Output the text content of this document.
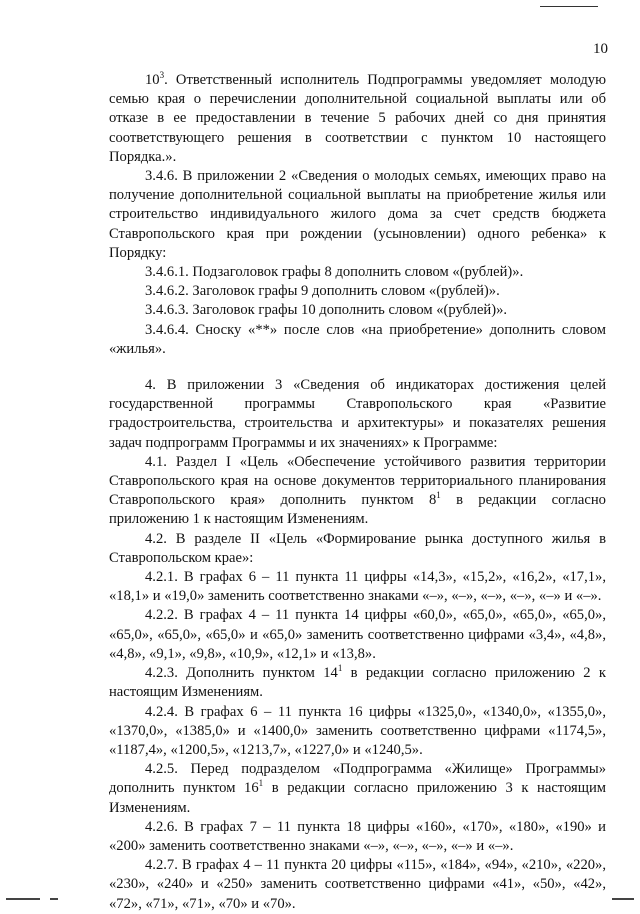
10

$10^3$. Ответственный исполнитель Подпрограммы уведомляет молодую семью края о перечислении дополнительной социальной выплаты или об отказе в ее предоставлении в течение 5 рабочих дней со дня принятия соответствующего решения в соответствии с пунктом 10 настоящего Порядка.».

3.4.6. В приложении 2 «Сведения о молодых семьях, имеющих право на получение дополнительной социальной выплаты на приобретение жилья или строительство индивидуального жилого дома за счет средств бюджета Ставропольского края при рождении (усыновлении) одного ребенка» к Порядку:

3.4.6.1. Подзаголовок графы 8 дополнить словом «(рублей)».

3.4.6.2. Заголовок графы 9 дополнить словом «(рублей)».

3.4.6.3. Заголовок графы 10 дополнить словом «(рублей)».

3.4.6.4. Сноску «**» после слов «на приобретение» дополнить словом «жилья».

4. В приложении 3 «Сведения об индикаторах достижения целей государственной программы Ставропольского края «Развитие градостроительства, строительства и архитектуры» и показателях решения задач подпрограмм Программы и их значениях» к Программе:

4.1. Раздел I «Цель «Обеспечение устойчивого развития территории Ставропольского края на основе документов территориального планирования Ставропольского края» дополнить пунктом $8^1$ в редакции согласно приложению 1 к настоящим Изменениям.

4.2. В разделе II «Цель «Формирование рынка доступного жилья в Ставропольском крае»:

4.2.1. В графах 6 – 11 пункта 11 цифры «14,3», «15,2», «16,2», «17,1», «18,1» и «19,0» заменить соответственно знаками «–», «–», «–», «–», «–» и «–».

4.2.2. В графах 4 – 11 пункта 14 цифры «60,0», «65,0», «65,0», «65,0», «65,0», «65,0», «65,0» и «65,0» заменить соответственно цифрами «3,4», «4,8», «4,8», «9,1», «9,8», «10,9», «12,1» и «13,8».

4.2.3. Дополнить пунктом $14^1$ в редакции согласно приложению 2 к настоящим Изменениям.

4.2.4. В графах 6 – 11 пункта 16 цифры «1325,0», «1340,0», «1355,0», «1370,0», «1385,0» и «1400,0» заменить соответственно цифрами «1174,5», «1187,4», «1200,5», «1213,7», «1227,0» и «1240,5».

4.2.5. Перед подразделом «Подпрограмма «Жилище» Программы» дополнить пунктом $16^1$ в редакции согласно приложению 3 к настоящим Изменениям.

4.2.6. В графах 7 – 11 пункта 18 цифры «160», «170», «180», «190» и «200» заменить соответственно знаками «–», «–», «–», «–» и «–».

4.2.7. В графах 4 – 11 пункта 20 цифры «115», «184», «94», «210», «220», «230», «240» и «250» заменить соответственно цифрами «41», «50», «42», «72», «71», «71», «70» и «70».
